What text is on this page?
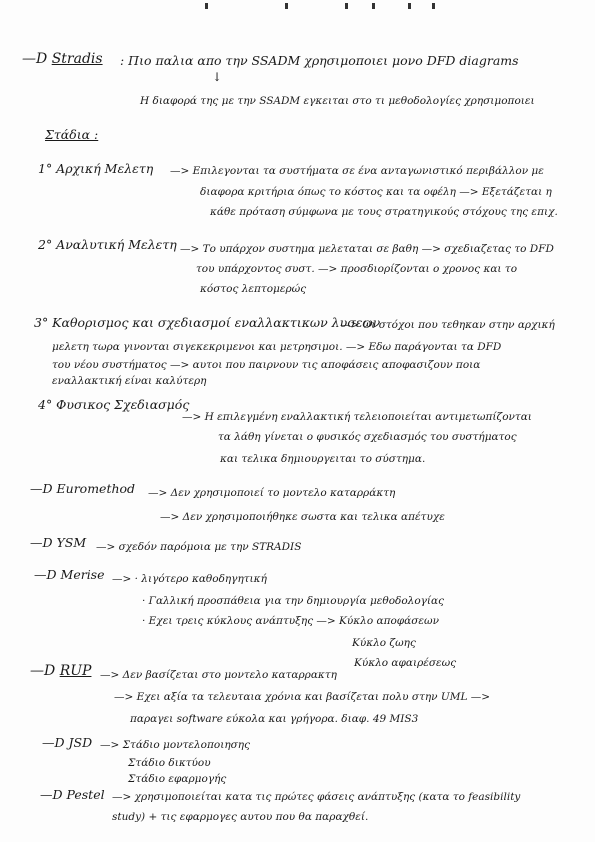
—D Stradis : Πιο παλια απο την SSADM χρησιμοποιει μονο DFD diagrams
↓
Η διαφορά της με την SSADM εγκειται στο τι μεθοδολογίες χρησιμοποιει
Στάδια :
1° Αρχική Μελετη —> Επιλεγονται τα συστήματα σε ένα ανταγωνιστικό περιβάλλον με
διαφορα κριτήρια όπως το κόστος και τα οφέλη —> Εξετάζεται η
κάθε πρόταση σύμφωνα με τους στρατηγικούς στόχους της επιχ.
2° Αναλυτική Μελετη —> Το υπάρχον συστημα μελεταται σε βαθη —> σχεδιαζετας το DFD
του υπάρχοντος συστ. —> προσδιορίζονται ο χρονος και το
κόστος λεπτομερώς
3° Καθορισμος και σχεδιασμοί εναλλακτικων λυσεων
—> Οι στόχοι που τεθηκαν στην αρχική
μελετη τωρα γινονται σιγεκεκριμενοι και μετρησιμοι. —> Εδω παράγονται τα DFD
του νέου συστήματος —> αυτοι που παιρνουν τις αποφάσεις αποφασιζουν ποια
εναλλακτική είναι καλύτερη
4° Φυσικος Σχεδιασμός
—> Η επιλεγμένη εναλλακτική τελειοποιείται αντιμετωπίζονται
τα λάθη γίνεται ο φυσικός σχεδιασμός του συστήματος
και τελικα δημιουργειται το σύστημα.
—D Euromethod —> Δεν χρησιμοποιεί το μοντελο καταρράκτη
—> Δεν χρησιμοποιήθηκε σωστα και τελικα απέτυχε
—D YSM —> σχεδόν παρόμοια με την STRADIS
—D Merise —> · λιγότερο καθοδηγητική
· Γαλλική προσπάθεια για την δημιουργία μεθοδολογίας
· Εχει τρεις κύκλους ανάπτυξης —> Κύκλο αποφάσεων
Κύκλο ζωης
Κύκλο αφαιρέσεως
—D RUP —> Δεν βασίζεται στο μοντελο καταρρακτη
—> Εχει αξία τα τελευταια χρόνια και βασίζεται πολυ στην UML —>
παραγει software εύκολα και γρήγορα. διαφ. 49 MIS3
—D JSD —> Στάδιο μοντελοποιησης
Στάδιο δικτύου
Στάδιο εφαρμογής
—D Pestel —> χρησιμοποιείται κατα τις πρώτες φάσεις ανάπτυξης (κατα το feasibility
study) + τις εφαρμογες αυτου που θα παραχθεί.
